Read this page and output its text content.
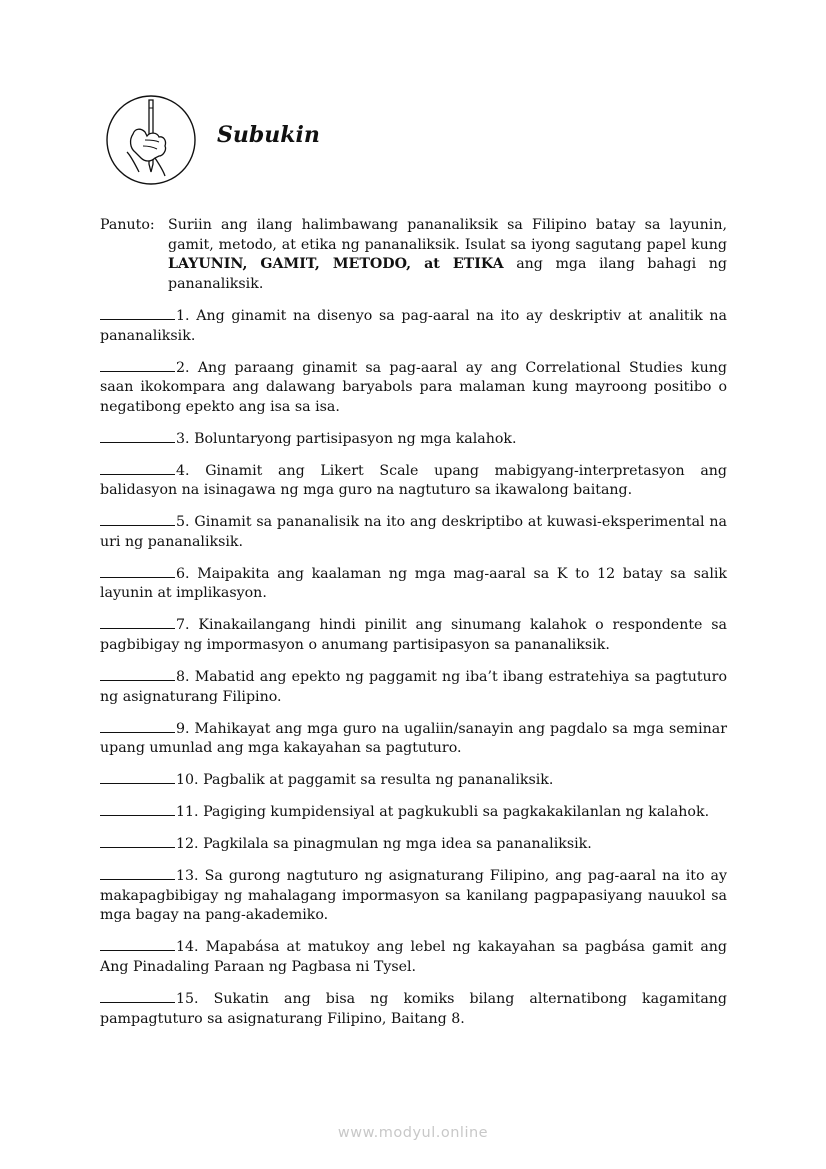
Subukin
Panuto: Suriin ang ilang halimbawang pananaliksik sa Filipino batay sa layunin, gamit, metodo, at etika ng pananaliksik. Isulat sa iyong sagutang papel kung LAYUNIN, GAMIT, METODO, at ETIKA ang mga ilang bahagi ng pananaliksik.
1. Ang ginamit na disenyo sa pag-aaral na ito ay deskriptiv at analitik na pananaliksik.
2. Ang paraang ginamit sa pag-aaral ay ang Correlational Studies kung saan ikokompara ang dalawang baryabols para malaman kung mayroong positibo o negatibong epekto ang isa sa isa.
3. Boluntaryong partisipasyon ng mga kalahok.
4. Ginamit ang Likert Scale upang mabigyang-interpretasyon ang balidasyon na isinagawa ng mga guro na nagtuturo sa ikawalong baitang.
5. Ginamit sa pananalisik na ito ang deskriptibo at kuwasi-eksperimental na uri ng pananaliksik.
6. Maipakita ang kaalaman ng mga mag-aaral sa K to 12 batay sa salik layunin at implikasyon.
7. Kinakailangang hindi pinilit ang sinumang kalahok o respondente sa pagbibigay ng impormasyon o anumang partisipasyon sa pananaliksik.
8. Mabatid ang epekto ng paggamit ng iba’t ibang estratehiya sa pagtuturo ng asignaturang Filipino.
9. Mahikayat ang mga guro na ugaliin/sanayin ang pagdalo sa mga seminar upang umunlad ang mga kakayahan sa pagtuturo.
10. Pagbalik at paggamit sa resulta ng pananaliksik.
11. Pagiging kumpidensiyal at pagkukubli sa pagkakakilanlan ng kalahok.
12. Pagkilala sa pinagmulan ng mga idea sa pananaliksik.
13. Sa gurong nagtuturo ng asignaturang Filipino, ang pag-aaral na ito ay makapagbibigay ng mahalagang impormasyon sa kanilang pagpapasiyang nauukol sa mga bagay na pang-akademiko.
14. Mapabása at matukoy ang lebel ng kakayahan sa pagbása gamit ang Ang Pinadaling Paraan ng Pagbasa ni Tysel.
15. Sukatin ang bisa ng komiks bilang alternatibong kagamitang pampagtuturo sa asignaturang Filipino, Baitang 8.
www.modyul.online
